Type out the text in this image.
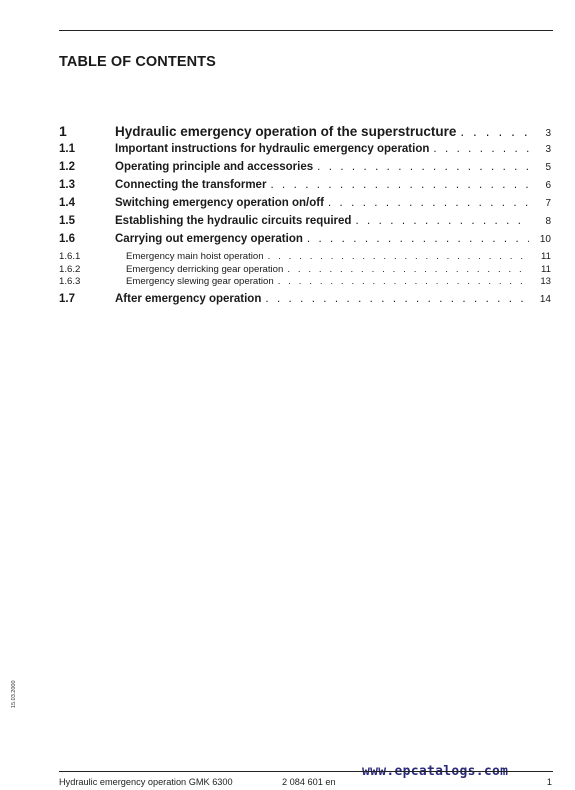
TABLE OF CONTENTS
1	Hydraulic emergency operation of the superstructure . . .	3
1.1	Important instructions for hydraulic emergency operation . . .	3
1.2	Operating principle and accessories . . .	5
1.3	Connecting the transformer . . .	6
1.4	Switching emergency operation on/off . . .	7
1.5	Establishing the hydraulic circuits required . . .	8
1.6	Carrying out emergency operation . . .	10
1.6.1	Emergency main hoist operation . . .	11
1.6.2	Emergency derricking gear operation . . .	11
1.6.3	Emergency slewing gear operation . . .	13
1.7	After emergency operation . . .	14
15.03.2000
www.epcatalogs.com
Hydraulic emergency operation GMK 6300	2 084 601 en	1
